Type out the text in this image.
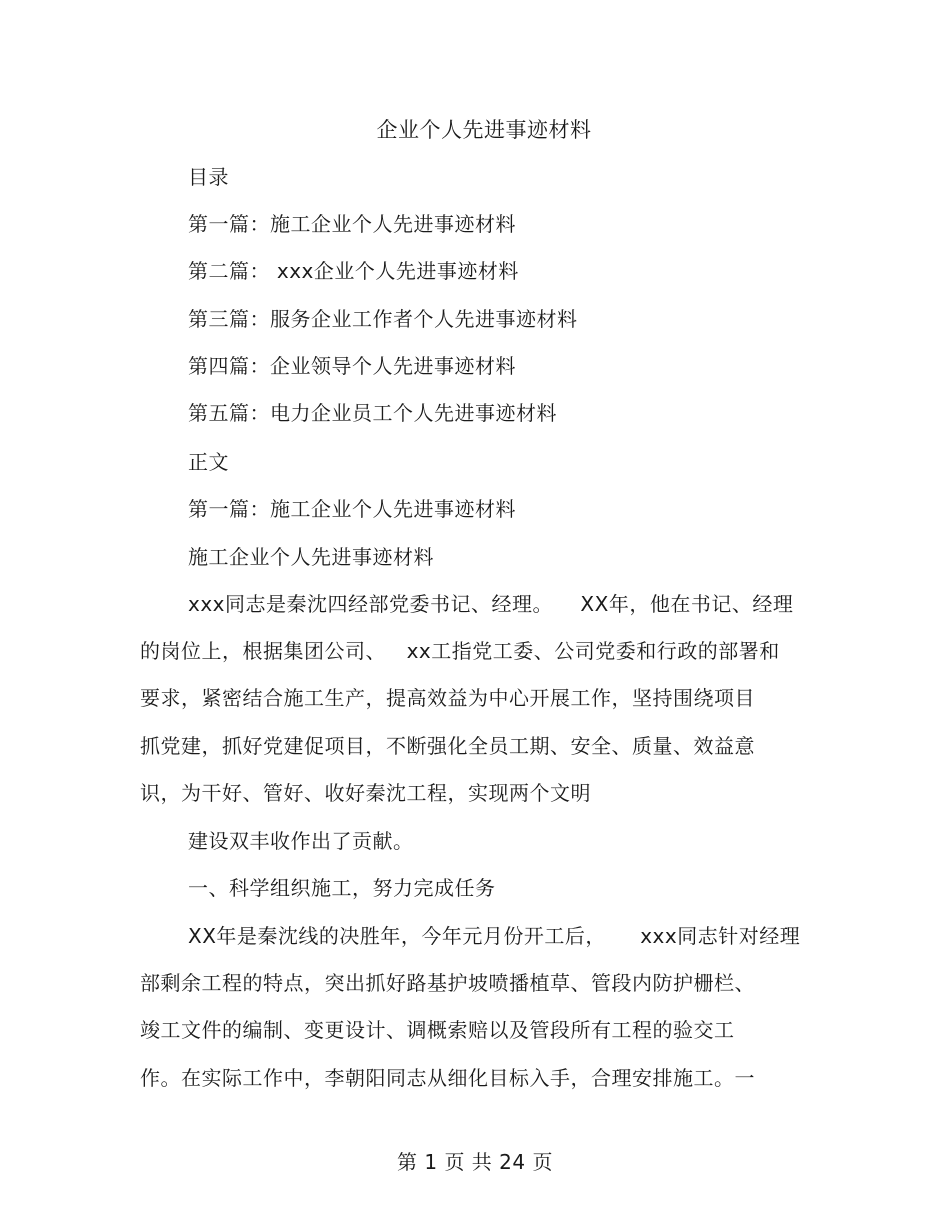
企业个人先进事迹材料
目录
第一篇：施工企业个人先进事迹材料
第二篇： xxx企业个人先进事迹材料
第三篇：服务企业工作者个人先进事迹材料
第四篇：企业领导个人先进事迹材料
第五篇：电力企业员工个人先进事迹材料
正文
第一篇：施工企业个人先进事迹材料
施工企业个人先进事迹材料
xxx同志是秦沈四经部党委书记、经理。    XX年，他在书记、经理
的岗位上，根据集团公司、   xx工指党工委、公司党委和行政的部署和
要求，紧密结合施工生产，提高效益为中心开展工作，坚持围绕项目
抓党建，抓好党建促项目，不断强化全员工期、安全、质量、效益意
识，为干好、管好、收好秦沈工程，实现两个文明
建设双丰收作出了贡献。
一、科学组织施工，努力完成任务
XX年是秦沈线的决胜年，今年元月份开工后，     xxx同志针对经理
部剩余工程的特点，突出抓好路基护坡喷播植草、管段内防护栅栏、
竣工文件的编制、变更设计、调概索赔以及管段所有工程的验交工
作。在实际工作中，李朝阳同志从细化目标入手，合理安排施工。一
第 1 页 共 24 页
